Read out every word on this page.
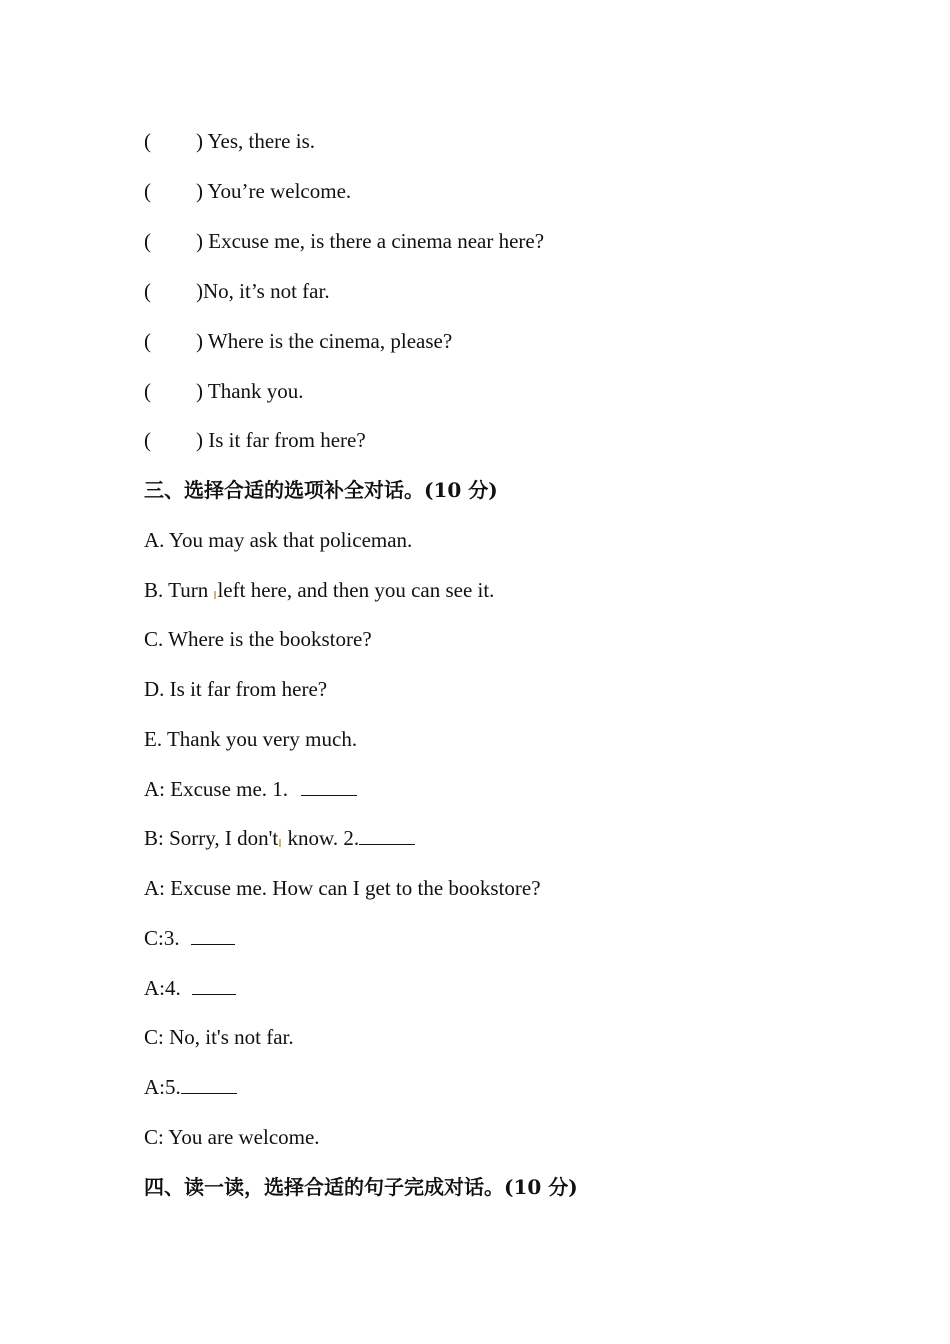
( ) Yes, there is.
( ) You’re welcome.
( ) Excuse me, is there a cinema near here?
( )No, it’s not far.
( ) Where is the cinema, please?
( ) Thank you.
( ) Is it far from here?
三、选择合适的选项补全对话。(10 分)
A. You may ask that policeman.
B. Turn left here, and then you can see it.
C. Where is the bookstore?
D. Is it far from here?
E. Thank you very much.
A: Excuse me. 1.
B: Sorry, I don't know. 2.
A: Excuse me. How can I get to the bookstore?
C:3.
A:4.
C: No, it's not far.
A:5.
C: You are welcome.
四、读一读，选择合适的句子完成对话。(10 分)
